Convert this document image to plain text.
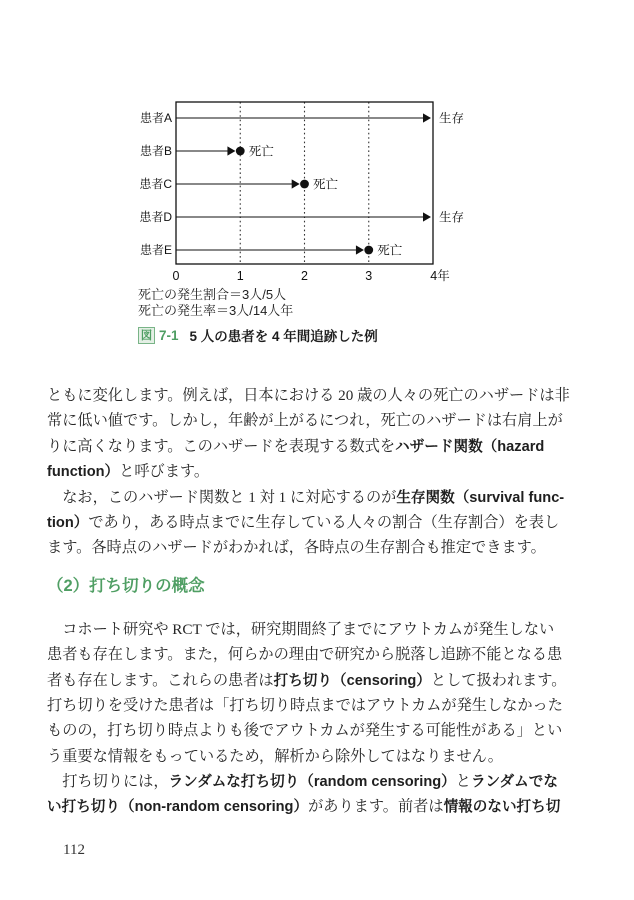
患者A	生存
患者B	死亡
患者C	死亡
患者D	生存
患者E	死亡
0	1	2	3	4年
死亡の発生割合＝3人/5人
死亡の発生率＝3人/14人年
図 7-1 5 人の患者を 4 年間追跡した例
ともに変化します。例えば，日本における 20 歳の人々の死亡のハザードは非
常に低い値です。しかし，年齢が上がるにつれ，死亡のハザードは右肩上が
りに高くなります。このハザードを表現する数式をハザード関数（hazard
function）と呼びます。
　なお，このハザード関数と 1 対 1 に対応するのが生存関数（survival func-
tion）であり，ある時点までに生存している人々の割合（生存割合）を表し
ます。各時点のハザードがわかれば，各時点の生存割合も推定できます。
（2）打ち切りの概念
　コホート研究や RCT では，研究期間終了までにアウトカムが発生しない
患者も存在します。また，何らかの理由で研究から脱落し追跡不能となる患
者も存在します。これらの患者は打ち切り（censoring）として扱われます。
打ち切りを受けた患者は「打ち切り時点まではアウトカムが発生しなかった
ものの，打ち切り時点よりも後でアウトカムが発生する可能性がある」とい
う重要な情報をもっているため，解析から除外してはなりません。
　打ち切りには，ランダムな打ち切り（random censoring）とランダムでな
い打ち切り（non-random censoring）があります。前者は情報のない打ち切
112
